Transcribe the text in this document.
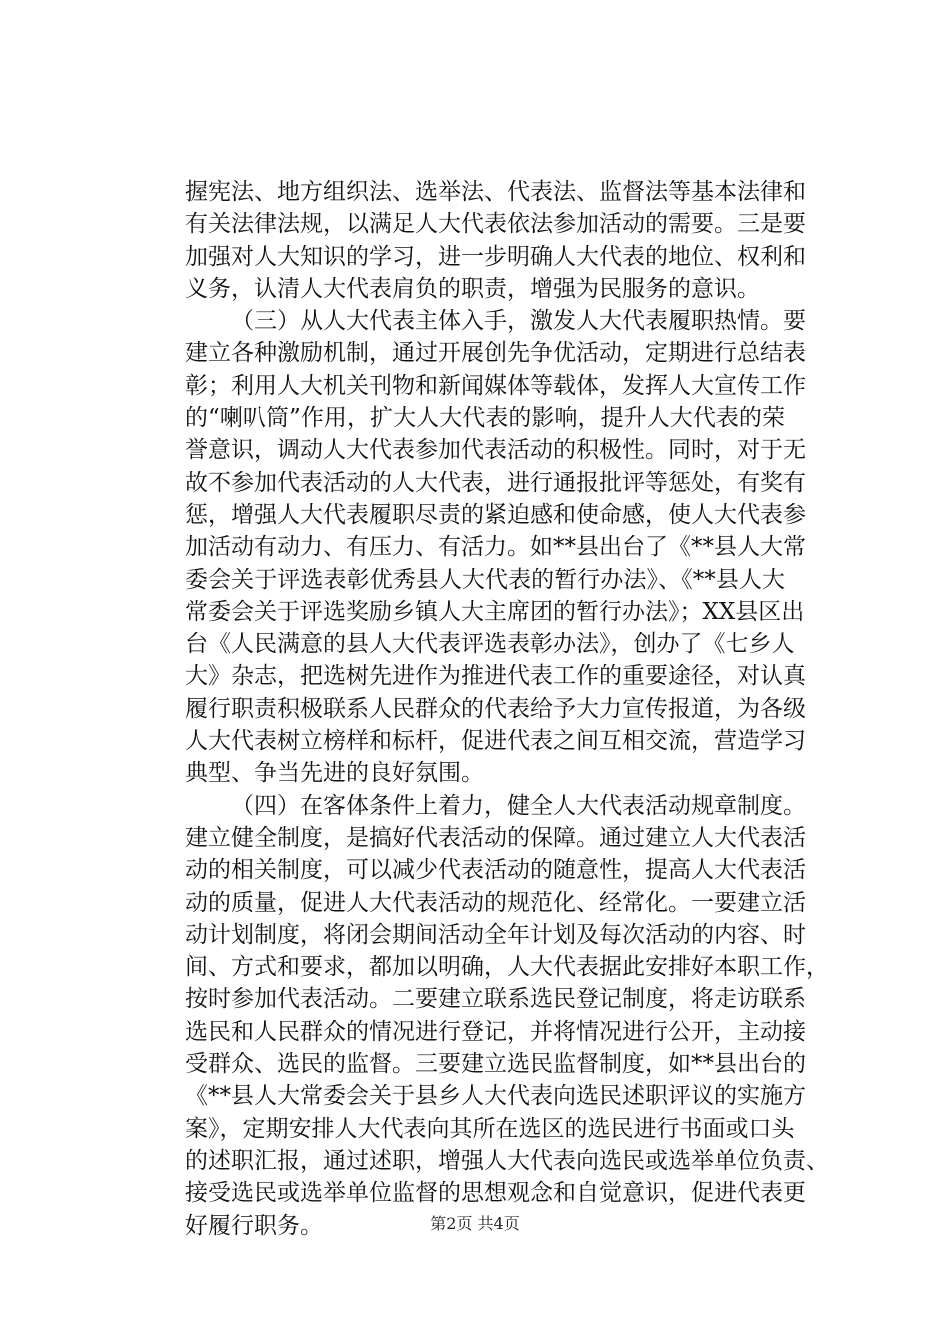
握宪法、地方组织法、选举法、代表法、监督法等基本法律和
有关法律法规，以满足人大代表依法参加活动的需要。三是要
加强对人大知识的学习，进一步明确人大代表的地位、权利和
义务，认清人大代表肩负的职责，增强为民服务的意识。
（三）从人大代表主体入手，激发人大代表履职热情。要
建立各种激励机制，通过开展创先争优活动，定期进行总结表
彰；利用人大机关刊物和新闻媒体等载体，发挥人大宣传工作
的“喇叭筒”作用，扩大人大代表的影响，提升人大代表的荣
誉意识，调动人大代表参加代表活动的积极性。同时，对于无
故不参加代表活动的人大代表，进行通报批评等惩处，有奖有
惩，增强人大代表履职尽责的紧迫感和使命感，使人大代表参
加活动有动力、有压力、有活力。如**县出台了《**县人大常
委会关于评选表彰优秀县人大代表的暂行办法》、《**县人大
常委会关于评选奖励乡镇人大主席团的暂行办法》；XX县区出
台《人民满意的县人大代表评选表彰办法》，创办了《七乡人
大》杂志，把选树先进作为推进代表工作的重要途径，对认真
履行职责积极联系人民群众的代表给予大力宣传报道，为各级
人大代表树立榜样和标杆，促进代表之间互相交流，营造学习
典型、争当先进的良好氛围。
（四）在客体条件上着力，健全人大代表活动规章制度。
建立健全制度，是搞好代表活动的保障。通过建立人大代表活
动的相关制度，可以减少代表活动的随意性，提高人大代表活
动的质量，促进人大代表活动的规范化、经常化。一要建立活
动计划制度，将闭会期间活动全年计划及每次活动的内容、时
间、方式和要求，都加以明确，人大代表据此安排好本职工作，
按时参加代表活动。二要建立联系选民登记制度，将走访联系
选民和人民群众的情况进行登记，并将情况进行公开，主动接
受群众、选民的监督。三要建立选民监督制度，如**县出台的
《**县人大常委会关于县乡人大代表向选民述职评议的实施方
案》，定期安排人大代表向其所在选区的选民进行书面或口头
的述职汇报，通过述职，增强人大代表向选民或选举单位负责、
接受选民或选举单位监督的思想观念和自觉意识，促进代表更
好履行职务。	第2页 共4页
